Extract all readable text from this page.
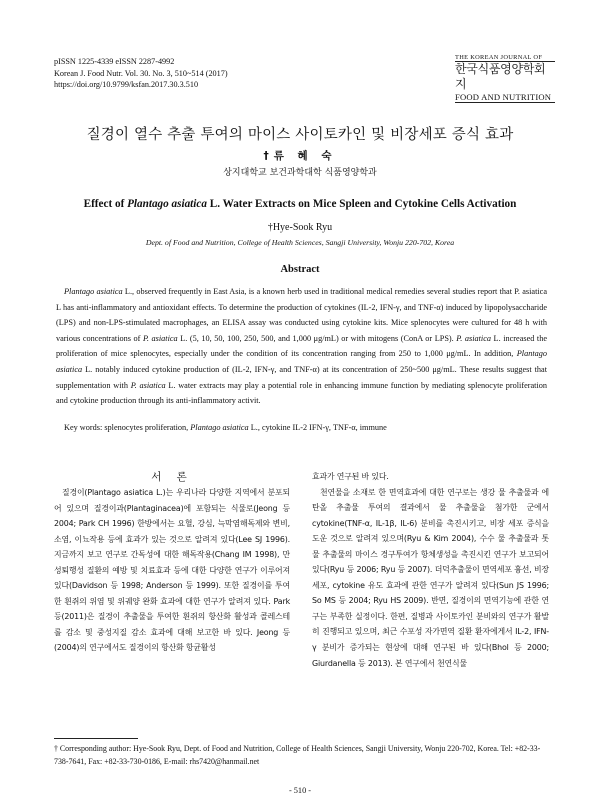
pISSN 1225-4339 eISSN 2287-4992
Korean J. Food Nutr. Vol. 30. No. 3, 510~514 (2017)
https://doi.org/10.9799/ksfan.2017.30.3.510
THE KOREAN JOURNAL OF
한국식품영양학회지
FOOD AND NUTRITION
질경이 열수 추출 투여의 마이스 사이토카인 및 비장세포 증식 효과
†류 혜 숙
상지대학교 보건과학대학 식품영양학과
Effect of Plantago asiatica L. Water Extracts on Mice Spleen and Cytokine Cells Activation
†Hye-Sook Ryu
Dept. of Food and Nutrition, College of Health Sciences, Sangji University, Wonju 220-702, Korea
Abstract
Plantago asiatica L., observed frequently in East Asia, is a known herb used in traditional medical remedies several studies report that P. asiatica L has anti-inflammatory and antioxidant effects. To determine the production of cytokines (IL-2, IFN-γ, and TNF-α) induced by lipopolysaccharide (LPS) and non-LPS-stimulated macrophages, an ELISA assay was conducted using cytokine kits. Mice splenocytes were cultured for 48 h with various concentrations of P. asiatica L. (5, 10, 50, 100, 250, 500, and 1,000 μg/mL) or with mitogens (ConA or LPS). P. asiatica L. increased the proliferation of mice splenocytes, especially under the condition of its concentration ranging from 250 to 1,000 μg/mL. In addition, Plantago asiatica L. notably induced cytokine production of (IL-2, IFN-γ, and TNF-α) at its concentration of 250~500 μg/mL. These results suggest that supplementation with P. asiatica L. water extracts may play a potential role in enhancing immune function by mediating splenocyte proliferation and cytokine production through its anti-inflammatory activit.
Key words: splenocytes proliferation, Plantago asiatica L., cytokine IL-2 IFN-γ, TNF-α, immune
서 론
질경이(Plantago asiatica L.)는 우리나라 다양한 지역에서 분포되어 있으며 질경이과(Plantaginacea)에 포함되는 식물로(Jeong 등 2004; Park CH 1996) 한방에서는 요혈, 강심, 늑막염해독제와 변비, 소염, 이뇨작용 등에 효과가 있는 것으로 알려져 있다(Lee SJ 1996). 지금까지 보고 연구로 간독성에 대한 해독작용(Chang IM 1998), 만성퇴행성 질환의 예방 및 치료효과 등에 대한 다양한 연구가 이루어져 있다(Davidson 등 1998; Anderson 등 1999). 또한 질경이를 투여한 흰쥐의 위염 및 위궤양 완화 효과에 대한 연구가 알려져 있다. Park 등(2011)은 질경이 추출물을 투여한 흰쥐의 항산화 활성과 콜레스테롤 감소 및 중성지질 감소 효과에 대해 보고한 바 있다. Jeong 등(2004)의 연구에서도 질경이의 항산화 항균활성
효과가 연구된 바 있다.
천연물을 소재로 한 면역효과에 대한 연구로는 생강 물 추출물과 에탄올 추출물 투여의 결과에서 물 추출물을 첨가한 군에서 cytokine(TNF-α, IL-1β, IL-6) 분비를 촉진시키고, 비장 세포 증식을 도운 것으로 알려져 있으며(Ryu & Kim 2004), 수수 물 추출물과 톳 물 추출물의 마이스 경구투여가 항체생성을 촉진시킨 연구가 보고되어 있다(Ryu 등 2006; Ryu 등 2007). 더덕추출물이 면역세포 흉선, 비장세포, cytokine 유도 효과에 관한 연구가 알려져 있다(Sun JS 1996; So MS 등 2004; Ryu HS 2009). 반면, 질경이의 면역기능에 관한 연구는 부족한 실정이다. 한편, 질병과 사이토카인 분비와의 연구가 활발히 진행되고 있으며, 최근 수포성 자가면역 질환 환자에게서 IL-2, IFN-γ 분비가 증가되는 현상에 대해 연구된 바 있다(Bhol 등 2000; Giurdanella 등 2013). 본 연구에서 천연식물
† Corresponding author: Hye-Sook Ryu, Dept. of Food and Nutrition, College of Health Sciences, Sangji University, Wonju 220-702, Korea. Tel: +82-33-738-7641, Fax: +82-33-730-0186, E-mail: rhs7420@hanmail.net
- 510 -
